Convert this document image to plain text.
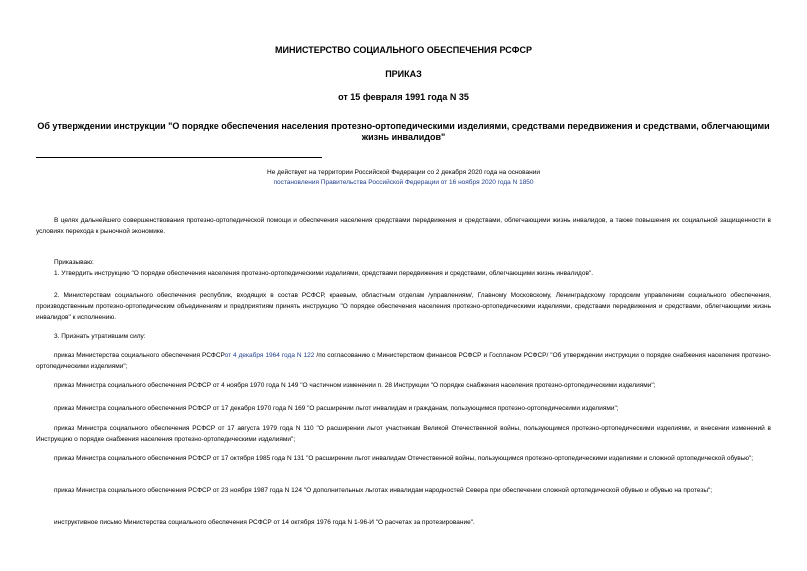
МИНИСТЕРСТВО СОЦИАЛЬНОГО ОБЕСПЕЧЕНИЯ РСФСР
ПРИКАЗ
от 15 февраля 1991 года N 35
Об утверждении инструкции "О порядке обеспечения населения протезно-ортопедическими изделиями, средствами передвижения и средствами, облегчающими жизнь инвалидов"
Не действует на территории Российской Федерации со 2 декабря 2020 года на основании
постановления Правительства Российской Федерации от 16 ноября 2020 года N 1850
В целях дальнейшего совершенствования протезно-ортопедической помощи и обеспечения населения средствами передвижения и средствами, облегчающими жизнь инвалидов, а также повышения их социальной защищенности в условиях перехода к рыночной экономике.
Приказываю:
1. Утвердить инструкцию "О порядке обеспечения населения протезно-ортопедическими изделиями, средствами передвижения и средствами, облегчающими жизнь инвалидов".
2. Министерствам социального обеспечения республик, входящих в состав РСФСР, краевым, областным отделам /управлениям/, Главному Московскому, Ленинградскому городским управлениям социального обеспечения, производственным протезно-ортопедическим объединениям и предприятиям принять инструкцию "О порядке обеспечения населения протезно-ортопедическими изделиями, средствами передвижения и средствами, облегчающими жизнь инвалидов" к исполнению.
3. Признать утратившим силу:
приказ Министерства социального обеспечения РСФСРот 4 декабря 1964 года N 122 /по согласованию с Министерством финансов РСФСР и Госпланом РСФСР/ "Об утверждении инструкции о порядке снабжения населения протезно-ортопедическими изделиями";
приказ Министра социального обеспечения РСФСР от 4 ноября 1970 года N 149 "О частичном изменении п. 28 Инструкции "О порядке снабжения населения протезно-ортопедическими изделиями";
приказ Министра социального обеспечения РСФСР от 17 декабря 1970 года N 169 "О расширении льгот инвалидам и гражданам, пользующимся протезно-ортопедическими изделиями";
приказ Министра социального обеспечения РСФСР от 17 августа 1979 года N 110 "О расширении льгот участникам Великой Отечественной войны, пользующимся протезно-ортопедическими изделиями, и внесении изменений в Инструкцию о порядке снабжения населения протезно-ортопедическими изделиями";
приказ Министра социального обеспечения РСФСР от 17 октября 1985 года N 131 "О расширении льгот инвалидам Отечественной войны, пользующимся протезно-ортопедическими изделиями и сложной ортопедической обувью";
приказ Министра социального обеспечения РСФСР от 23 ноября 1987 года N 124 "О дополнительных льготах инвалидам народностей Севера при обеспечении сложной ортопедической обувью и обувью на протезы";
инструктивное письмо Министерства социального обеспечения РСФСР от 14 октября 1976 года N 1-96-И "О расчетах за протезирование".
